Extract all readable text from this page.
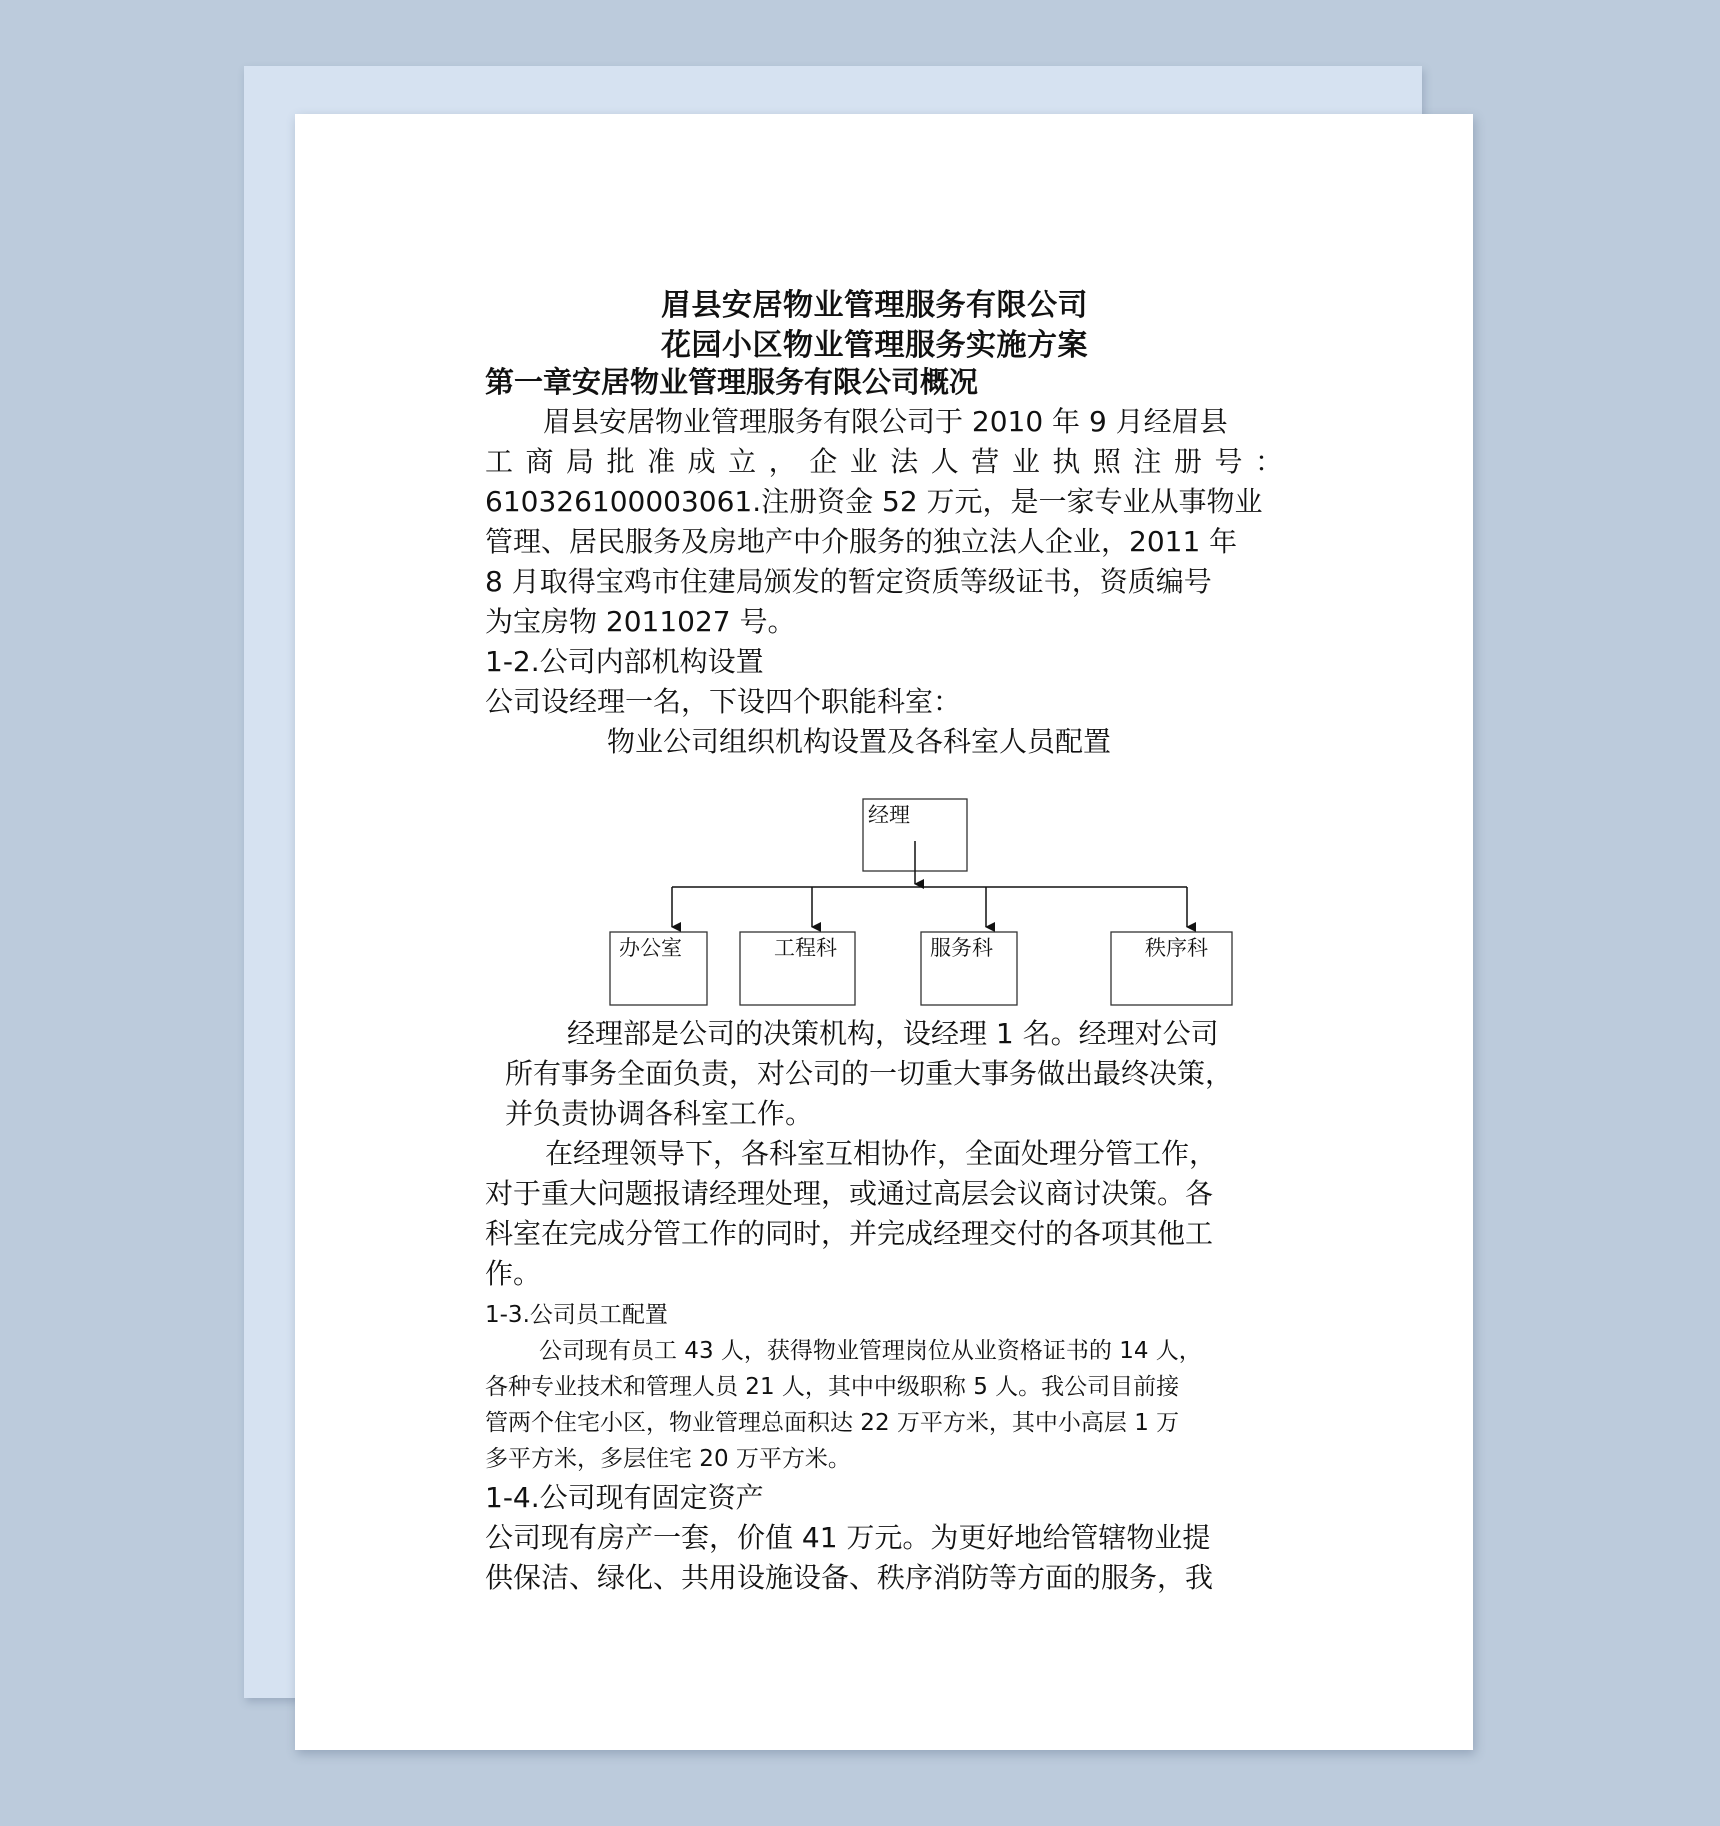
眉县安居物业管理服务有限公司
花园小区物业管理服务实施方案
第一章安居物业管理服务有限公司概况
眉县安居物业管理服务有限公司于 2010 年 9 月经眉县
工商局批准成立，企业法人营业执照注册号：
610326100003061.注册资金 52 万元，是一家专业从事物业
管理、居民服务及房地产中介服务的独立法人企业，2011 年
8 月取得宝鸡市住建局颁发的暂定资质等级证书，资质编号
为宝房物 2011027 号。
1-2.公司内部机构设置
公司设经理一名，下设四个职能科室：
物业公司组织机构设置及各科室人员配置
经理
办公室	工程科	服务科	秩序科
经理部是公司的决策机构，设经理 1 名。经理对公司
所有事务全面负责，对公司的一切重大事务做出最终决策，
并负责协调各科室工作。
在经理领导下，各科室互相协作，全面处理分管工作，
对于重大问题报请经理处理，或通过高层会议商讨决策。各
科室在完成分管工作的同时，并完成经理交付的各项其他工
作。
1-3.公司员工配置
公司现有员工 43 人，获得物业管理岗位从业资格证书的 14 人，
各种专业技术和管理人员 21 人，其中中级职称 5 人。我公司目前接
管两个住宅小区，物业管理总面积达 22 万平方米，其中小高层 1 万
多平方米，多层住宅 20 万平方米。
1-4.公司现有固定资产
公司现有房产一套，价值 41 万元。为更好地给管辖物业提
供保洁、绿化、共用设施设备、秩序消防等方面的服务，我
